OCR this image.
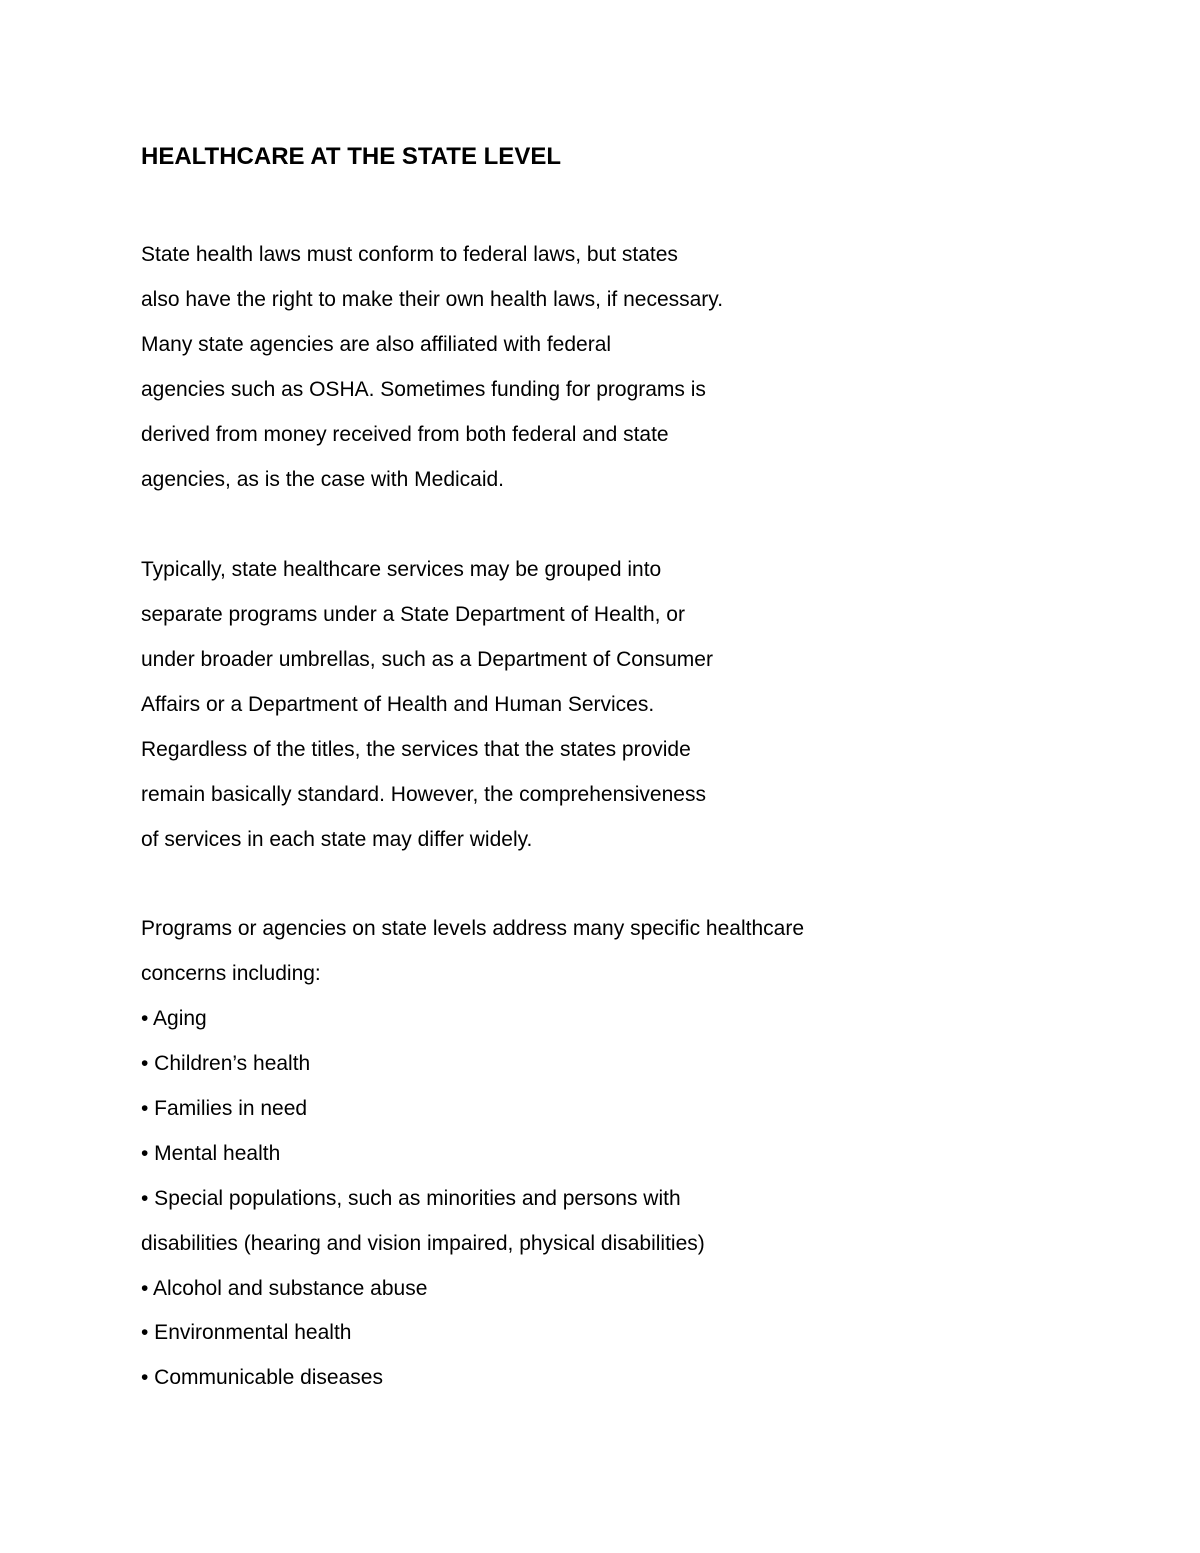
HEALTHCARE AT THE STATE LEVEL

State health laws must conform to federal laws, but states

also have the right to make their own health laws, if necessary.

Many state agencies are also affiliated with federal

agencies such as OSHA. Sometimes funding for programs is

derived from money received from both federal and state

agencies, as is the case with Medicaid.

Typically, state healthcare services may be grouped into

separate programs under a State Department of Health, or

under broader umbrellas, such as a Department of Consumer

Affairs or a Department of Health and Human Services.

Regardless of the titles, the services that the states provide

remain basically standard. However, the comprehensiveness

of services in each state may differ widely.

Programs or agencies on state levels address many specific healthcare

concerns including:

• Aging

• Children’s health

• Families in need

• Mental health

• Special populations, such as minorities and persons with

disabilities (hearing and vision impaired, physical disabilities)

• Alcohol and substance abuse

• Environmental health

• Communicable diseases
